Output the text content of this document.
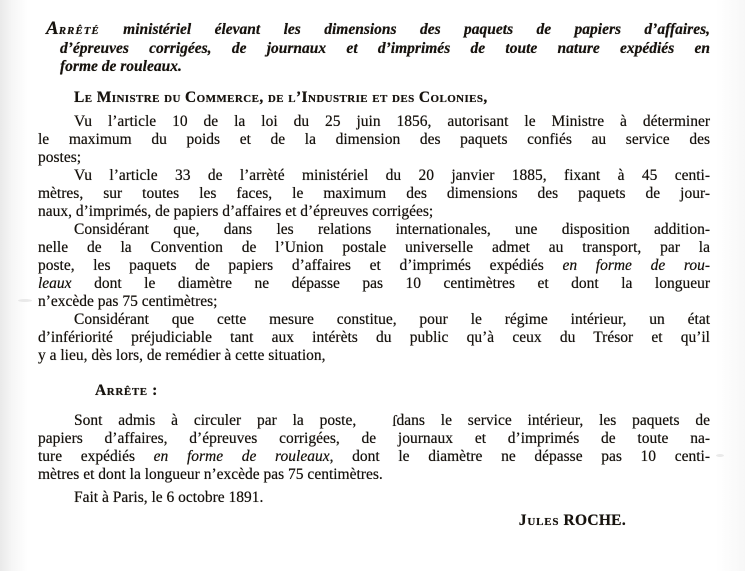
Arrêté ministériel élevant les dimensions des paquets de papiers d’affaires,
d’épreuves corrigées, de journaux et d’imprimés de toute nature expédiés en
forme de rouleaux.
Le Ministre du Commerce, de l’Industrie et des Colonies,
Vu l’article 10 de la loi du 25 juin 1856, autorisant le Ministre à déterminer
le maximum du poids et de la dimension des paquets confiés au service des
postes;
Vu l’article 33 de l’arrèté ministériel du 20 janvier 1885, fixant à 45 centi-
mètres, sur toutes les faces, le maximum des dimensions des paquets de jour-
naux, d’imprimés, de papiers d’affaires et d’épreuves corrigées;
Considérant que, dans les relations internationales, une disposition addition-
nelle de la Convention de l’Union postale universelle admet au transport, par la
poste, les paquets de papiers d’affaires et d’imprimés expédiés en forme de rou-
leaux dont le diamètre ne dépasse pas 10 centimètres et dont la longueur
n’excède pas 75 centimètres;
Considérant que cette mesure constitue, pour le régime intérieur, un état
d’infériorité préjudiciable tant aux intérèts du public qu’à ceux du Trésor et qu’il
y a lieu, dès lors, de remédier à cette situation,
Arrête :
Sont admis à circuler par la poste, ſdans le service intérieur, les paquets de
papiers d’affaires, d’épreuves corrigées, de journaux et d’imprimés de toute na-
ture expédiés en forme de rouleaux, dont le diamètre ne dépasse pas 10 centi-
mètres et dont la longueur n’excède pas 75 centimètres.
Fait à Paris, le 6 octobre 1891.
Jules ROCHE.
